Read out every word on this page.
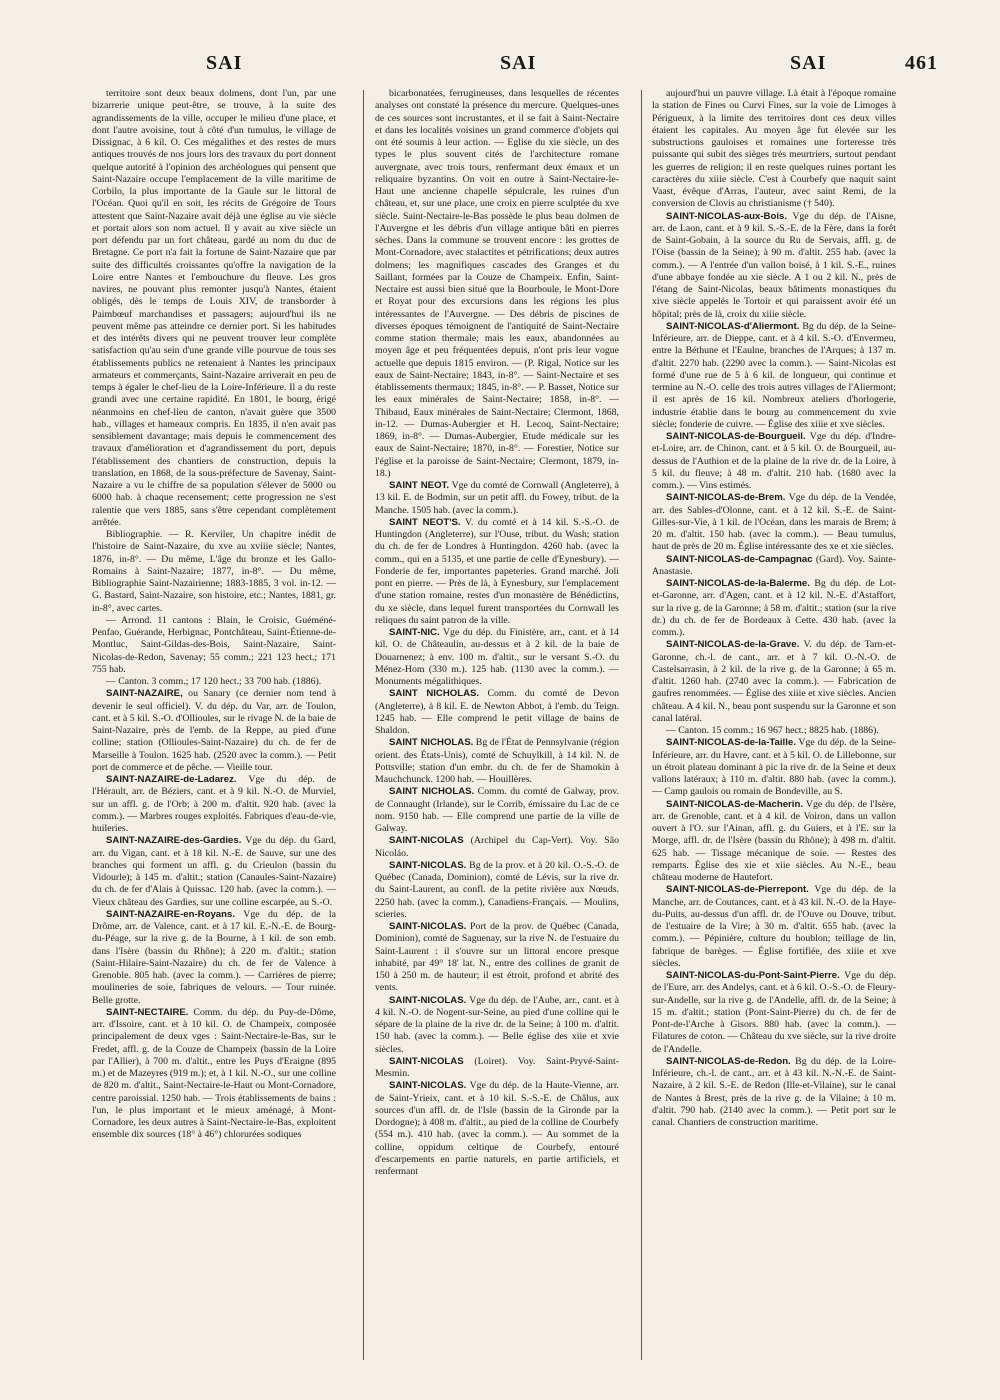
SAI	SAI	SAI	461

territoire sont deux beaux dolmens, dont l'un, par une bizarrerie unique peut-être, se trouve, à la suite des agrandissements de la ville, occuper le milieu d'une place, et dont l'autre avoisine, tout à côté d'un tumulus, le village de Dissignac, à 6 kil. O. Ces mégalithes et des restes de murs antiques trouvés de nos jours lors des travaux du port donnent quelque autorité à l'opinion des archéologues qui pensent que Saint-Nazaire occupe l'emplacement de la ville maritime de Corbilo, la plus importante de la Gaule sur le littoral de l'Océan. Quoi qu'il en soit, les récits de Grégoire de Tours attestent que Saint-Nazaire avait déjà une église au vie siècle et portait alors son nom actuel. Il y avait au xive siècle un port défendu par un fort château, gardé au nom du duc de Bretagne. Ce port n'a fait la fortune de Saint-Nazaire que par suite des difficultés croissantes qu'offre la navigation de la Loire entre Nantes et l'embouchure du fleuve. Les gros navires, ne pouvant plus remonter jusqu'à Nantes, étaient obligés, dès le temps de Louis XIV, de transborder à Paimbœuf marchandises et passagers; aujourd'hui ils ne peuvent même pas atteindre ce dernier port. Si les habitudes et des intérêts divers qui ne peuvent trouver leur complète satisfaction qu'au sein d'une grande ville pourvue de tous ses établissements publics ne retenaient à Nantes les principaux armateurs et commerçants, Saint-Nazaire arriverait en peu de temps à égaler le chef-lieu de la Loire-Inférieure. Il a du reste grandi avec une certaine rapidité. En 1801, le bourg, érigé néanmoins en chef-lieu de canton, n'avait guère que 3500 hab., villages et hameaux compris. En 1835, il n'en avait pas sensiblement davantage; mais depuis le commencement des travaux d'amélioration et d'agrandissement du port, depuis l'établissement des chantiers de construction, depuis la translation, en 1868, de la sous-préfecture de Savenay, Saint-Nazaire a vu le chiffre de sa population s'élever de 5000 ou 6000 hab. à chaque recensement; cette progression ne s'est ralentie que vers 1885, sans s'être cependant complètement arrêtée.

Bibliographie. — R. Kerviler, Un chapitre inédit de l'histoire de Saint-Nazaire, du xve au xviiie siècle; Nantes, 1876, in-8°. — Du même, L'âge du bronze et les Gallo-Romains à Saint-Nazaire; 1877, in-8°. — Du même, Bibliographie Saint-Nazairienne; 1883-1885, 3 vol. in-12. — G. Bastard, Saint-Nazaire, son histoire, etc.; Nantes, 1881, gr. in-8°, avec cartes.

— Arrond. 11 cantons : Blain, le Croisic, Guéméné-Penfao, Guérande, Herbignac, Pontchâteau, Saint-Étienne-de-Montluc, Saint-Gildas-des-Bois, Saint-Nazaire, Saint-Nicolas-de-Redon, Savenay; 55 comm.; 221 123 hect.; 171 755 hab.

— Canton. 3 comm.; 17 120 hect.; 33 700 hab. (1886).

SAINT-NAZAIRE, ou Sanary (ce dernier nom tend à devenir le seul officiel). V. du dép. du Var, arr. de Toulon, cant. et à 5 kil. S.-O. d'Ollioules, sur le rivage N. de la baie de Saint-Nazaire, près de l'emb. de la Reppe, au pied d'une colline; station (Ollioules-Saint-Nazaire) du ch. de fer de Marseille à Toulon. 1625 hab. (2520 avec la comm.). — Petit port de commerce et de pêche. — Vieille tour.

SAINT-NAZAIRE-de-Ladarez. Vge du dép. de l'Hérault, arr. de Béziers, cant. et à 9 kil. N.-O. de Murviel, sur un affl. g. de l'Orb; à 200 m. d'altit. 920 hab. (avec la comm.). — Marbres rouges exploités. Fabriques d'eau-de-vie, huileries.

SAINT-NAZAIRE-des-Gardies. Vge du dép. du Gard, arr. du Vigan, cant. et à 18 kil. N.-E. de Sauve, sur une des branches qui forment un affl. g. du Crieulon (bassin du Vidourle); à 145 m. d'altit.; station (Canaules-Saint-Nazaire) du ch. de fer d'Alais à Quissac. 120 hab. (avec la comm.). — Vieux château des Gardies, sur une colline escarpée, au S.-O.

SAINT-NAZAIRE-en-Royans. Vge du dép. de la Drôme, arr. de Valence, cant. et à 17 kil. E.-N.-E. de Bourg-du-Péage, sur la rive g. de la Bourne, à 1 kil. de son emb. dans l'Isère (bassin du Rhône); à 220 m. d'altit.; station (Saint-Hilaire-Saint-Nazaire) du ch. de fer de Valence à Grenoble. 805 hab. (avec la comm.). — Carrières de pierre; moulineries de soie, fabriques de velours. — Tour ruinée. Belle grotte.

SAINT-NECTAIRE. Comm. du dép. du Puy-de-Dôme, arr. d'Issoire, cant. et à 10 kil. O. de Champeix, composée principalement de deux vges : Saint-Nectaire-le-Bas, sur le Fredet, affl. g. de la Couze de Champeix (bassin de la Loire par l'Allier), à 700 m. d'altit., entre les Puys d'Eraigne (895 m.) et de Mazeyres (919 m.); et, à 1 kil. N.-O., sur une colline de 820 m. d'altit., Saint-Nectaire-le-Haut ou Mont-Cornadore, centre paroissial. 1250 hab. — Trois établissements de bains : l'un, le plus important et le mieux aménagé, à Mont-Cornadore, les deux autres à Saint-Nectaire-le-Bas, exploitent ensemble dix sources (18° à 46°) chlorurées sodiques

bicarbonatées, ferrugineuses, dans lesquelles de récentes analyses ont constaté la présence du mercure. Quelques-unes de ces sources sont incrustantes, et il se fait à Saint-Nectaire et dans les localités voisines un grand commerce d'objets qui ont été soumis à leur action. — Eglise du xie siècle, un des types le plus souvent cités de l'architecture romane auvergnate, avec trois tours, renfermant deux émaux et un reliquaire byzantins. On voit en outre à Saint-Nectaire-le-Haut une ancienne chapelle sépulcrale, les ruines d'un château, et, sur une place, une croix en pierre sculptée du xve siècle. Saint-Nectaire-le-Bas possède le plus beau dolmen de l'Auvergne et les débris d'un village antique bâti en pierres sèches. Dans la commune se trouvent encore : les grottes de Mont-Cornadore, avec stalactites et pétrifications; deux autres dolmens; les magnifiques cascades des Granges et du Saillant, formées par la Couze de Champeix. Enfin, Saint-Nectaire est aussi bien situé que la Bourboule, le Mont-Dore et Royat pour des excursions dans les régions les plus intéressantes de l'Auvergne. — Des débris de piscines de diverses époques témoignent de l'antiquité de Saint-Nectaire comme station thermale; mais les eaux, abandonnées au moyen âge et peu fréquentées depuis, n'ont pris leur vogue actuelle que depuis 1815 environ. — (P. Rigal, Notice sur les eaux de Saint-Nectaire; 1843, in-8°. — Saint-Nectaire et ses établissements thermaux; 1845, in-8°. — P. Basset, Notice sur les eaux minérales de Saint-Nectaire; 1858, in-8°. — Thibaud, Eaux minérales de Saint-Nectaire; Clermont, 1868, in-12. — Dumas-Aubergier et H. Lecoq, Saint-Nectaire; 1869, in-8°. — Dumas-Aubergier, Etude médicale sur les eaux de Saint-Nectaire; 1870, in-8°. — Forestier, Notice sur l'église et la paroisse de Saint-Nectaire; Clermont, 1879, in-18.)

SAINT NEOT. Vge du comté de Cornwall (Angleterre), à 13 kil. E. de Bodmin, sur un petit affl. du Fowey, tribut. de la Manche. 1505 hab. (avec la comm.).

SAINT NEOT'S. V. du comté et à 14 kil. S.-S.-O. de Huntingdon (Angleterre), sur l'Ouse, tribut. du Wash; station du ch. de fer de Londres à Huntingdon. 4260 hab. (avec la comm., qui en a 5135, et une partie de celle d'Eynesbury). — Fonderie de fer, importantes papeteries. Grand marché. Joli pont en pierre. — Près de là, à Eynesbury, sur l'emplacement d'une station romaine, restes d'un monastère de Bénédictins, du xe siècle, dans lequel furent transportées du Cornwall les reliques du saint patron de la ville.

SAINT-NIC. Vge du dép. du Finistère, arr., cant. et à 14 kil. O. de Châteaulin, au-dessus et à 2 kil. de la baie de Douarnenez; à env. 100 m. d'altit., sur le versant S.-O. du Ménez-Hom (330 m.). 125 hab. (1130 avec la comm.). — Monuments mégalithiques.

SAINT NICHOLAS. Comm. du comté de Devon (Angleterre), à 8 kil. E. de Newton Abbot, à l'emb. du Teign. 1245 hab. — Elle comprend le petit village de bains de Shaldon.

SAINT NICHOLAS. Bg de l'État de Pennsylvanie (région orient. des États-Unis), comté de Schuylkill, à 14 kil. N. de Pottsville; station d'un embr. du ch. de fer de Shamokin à Mauchchunck. 1200 hab. — Houillères.

SAINT NICHOLAS. Comm. du comté de Galway, prov. de Connaught (Irlande), sur le Corrib, émissaire du Lac de ce nom. 9150 hab. — Elle comprend une partie de la ville de Galway.

SAINT-NICOLAS (Archipel du Cap-Vert). Voy. São Nicoláo.

SAINT-NICOLAS. Bg de la prov. et à 20 kil. O.-S.-O. de Québec (Canada, Dominion), comté de Lévis, sur la rive dr. du Saint-Laurent, au confl. de la petite rivière aux Nœuds. 2250 hab. (avec la comm.), Canadiens-Français. — Moulins, scieries.

SAINT-NICOLAS. Port de la prov. de Québec (Canada, Dominion), comté de Saguenay, sur la rive N. de l'estuaire du Saint-Laurent : il s'ouvre sur un littoral encore presque inhabité, par 49° 18' lat. N., entre des collines de granit de 150 à 250 m. de hauteur; il est étroit, profond et abrité des vents.

SAINT-NICOLAS. Vge du dép. de l'Aube, arr., cant. et à 4 kil. N.-O. de Nogent-sur-Seine, au pied d'une colline qui le sépare de la plaine de la rive dr. de la Seine; à 100 m. d'altit. 150 hab. (avec la comm.). — Belle église des xiie et xvie siècles.

SAINT-NICOLAS (Loiret). Voy. Saint-Pryvé-Saint-Mesmin.

SAINT-NICOLAS. Vge du dép. de la Haute-Vienne, arr. de Saint-Yrieix, cant. et à 10 kil. S.-S.-E. de Châlus, aux sources d'un affl. dr. de l'Isle (bassin de la Gironde par la Dordogne); à 408 m. d'altit., au pied de la colline de Courbefy (554 m.). 410 hab. (avec la comm.). — Au sommet de la colline, oppidum celtique de Courbefy, entouré d'escarpements en partie naturels, en partie artificiels, et renfermant

aujourd'hui un pauvre village. Là était à l'époque romaine la station de Fines ou Curvi Fines, sur la voie de Limoges à Périgueux, à la limite des territoires dont ces deux villes étaient les capitales. Au moyen âge fut élevée sur les substructions gauloises et romaines une forteresse très puissante qui subit des sièges très meurtriers, surtout pendant les guerres de religion; il en reste quelques ruines portant les caractères du xiiie siècle. C'est à Courbefy que naquit saint Vaast, évêque d'Arras, l'auteur, avec saint Remi, de la conversion de Clovis au christianisme († 540).

SAINT-NICOLAS-aux-Bois. Vge du dép. de l'Aisne, arr. de Laon, cant. et à 9 kil. S.-S.-E. de la Fère, dans la forêt de Saint-Gobain, à la source du Ru de Servais, affl. g. de l'Oise (bassin de la Seine); à 90 m. d'altit. 255 hab. (avec la comm.). — A l'entrée d'un vallon boisé, à 1 kil. S.-E., ruines d'une abbaye fondée au xie siècle. A 1 ou 2 kil. N., près de l'étang de Saint-Nicolas, beaux bâtiments monastiques du xive siècle appelés le Tortoir et qui paraissent avoir été un hôpital; près de là, croix du xiiie siècle.

SAINT-NICOLAS-d'Aliermont. Bg du dép. de la Seine-Inférieure, arr. de Dieppe, cant. et à 4 kil. S.-O. d'Envermeu, entre la Béthune et l'Eaulne, branches de l'Arques; à 137 m. d'altit. 2270 hab. (2290 avec la comm.). — Saint-Nicolas est formé d'une rue de 5 à 6 kil. de longueur, qui continue et termine au N.-O. celle des trois autres villages de l'Aliermont; il est après de 16 kil. Nombreux ateliers d'horlogerie, industrie établie dans le bourg au commencement du xvie siècle; fonderie de cuivre. — Église des xiiie et xve siècles.

SAINT-NICOLAS-de-Bourgueil. Vge du dép. d'Indre-et-Loire, arr. de Chinon, cant. et à 5 kil. O. de Bourgueil, au-dessus de l'Authion et de la plaine de la rive dr. de la Loire, à 5 kil. du fleuve; à 48 m. d'altit. 210 hab. (1680 avec la comm.). — Vins estimés.

SAINT-NICOLAS-de-Brem. Vge du dép. de la Vendée, arr. des Sables-d'Olonne, cant. et à 12 kil. S.-E. de Saint-Gilles-sur-Vie, à 1 kil. de l'Océan, dans les marais de Brem; à 20 m. d'altit. 150 hab. (avec la comm.). — Beau tumulus, haut de près de 20 m. Église intéressante des xe et xie siècles.

SAINT-NICOLAS-de-Campagnac (Gard). Voy. Sainte-Anastasie.

SAINT-NICOLAS-de-la-Balerme. Bg du dép. de Lot-et-Garonne, arr. d'Agen, cant. et à 12 kil. N.-E. d'Astaffort, sur la rive g. de la Garonne; à 58 m. d'altit.; station (sur la rive dr.) du ch. de fer de Bordeaux à Cette. 430 hab. (avec la comm.).

SAINT-NICOLAS-de-la-Grave. V. du dép. de Tarn-et-Garonne, ch.-l. de cant., arr. et à 7 kil. O.-N.-O. de Castelsarrasin, à 2 kil. de la rive g. de la Garonne; à 65 m. d'altit. 1260 hab. (2740 avec la comm.). — Fabrication de gaufres renommées. — Église des xiiie et xive siècles. Ancien château. A 4 kil. N., beau pont suspendu sur la Garonne et son canal latéral.

— Canton. 15 comm.; 16 967 hect.; 8825 hab. (1886).

SAINT-NICOLAS-de-la-Taille. Vge du dép. de la Seine-Inférieure, arr. du Havre, cant. et à 5 kil. O. de Lillebonne, sur un étroit plateau dominant à pic la rive dr. de la Seine et deux vallons latéraux; à 110 m. d'altit. 880 hab. (avec la comm.). — Camp gaulois ou romain de Bondeville, au S.

SAINT-NICOLAS-de-Macherin. Vge du dép. de l'Isère, arr. de Grenoble, cant. et à 4 kil. de Voiron, dans un vallon ouvert à l'O. sur l'Ainan, affl. g. du Guiers, et à l'E. sur la Morge, affl. dr. de l'Isère (bassin du Rhône); à 498 m. d'altit. 625 hab. — Tissage mécanique de soie. — Restes des remparts. Église des xie et xiie siècles. Au N.-E., beau château moderne de Hautefort.

SAINT-NICOLAS-de-Pierrepont. Vge du dép. de la Manche, arr. de Coutances, cant. et à 43 kil. N.-O. de la Haye-du-Puits, au-dessus d'un affl. dr. de l'Ouve ou Douve, tribut. de l'estuaire de la Vire; à 30 m. d'altit. 655 hab. (avec la comm.). — Pépinière, culture du houblon; teillage de lin, fabrique de barèges. — Église fortifiée, des xiiie et xve siècles.

SAINT-NICOLAS-du-Pont-Saint-Pierre. Vge du dép. de l'Eure, arr. des Andelys, cant. et à 6 kil. O.-S.-O. de Fleury-sur-Andelle, sur la rive g. de l'Andelle, affl. dr. de la Seine; à 15 m. d'altit.; station (Pont-Saint-Pierre) du ch. de fer de Pont-de-l'Arche à Gisors. 880 hab. (avec la comm.). — Filatures de coton. — Château du xve siècle, sur la rive droite de l'Andelle.

SAINT-NICOLAS-de-Redon. Bg du dép. de la Loire-Inférieure, ch.-l. de cant., arr. et à 43 kil. N.-N.-E. de Saint-Nazaire, à 2 kil. S.-E. de Redon (Ille-et-Vilaine), sur le canal de Nantes à Brest, près de la rive g. de la Vilaine; à 10 m. d'altit. 790 hab. (2140 avec la comm.). — Petit port sur le canal. Chantiers de construction maritime.
